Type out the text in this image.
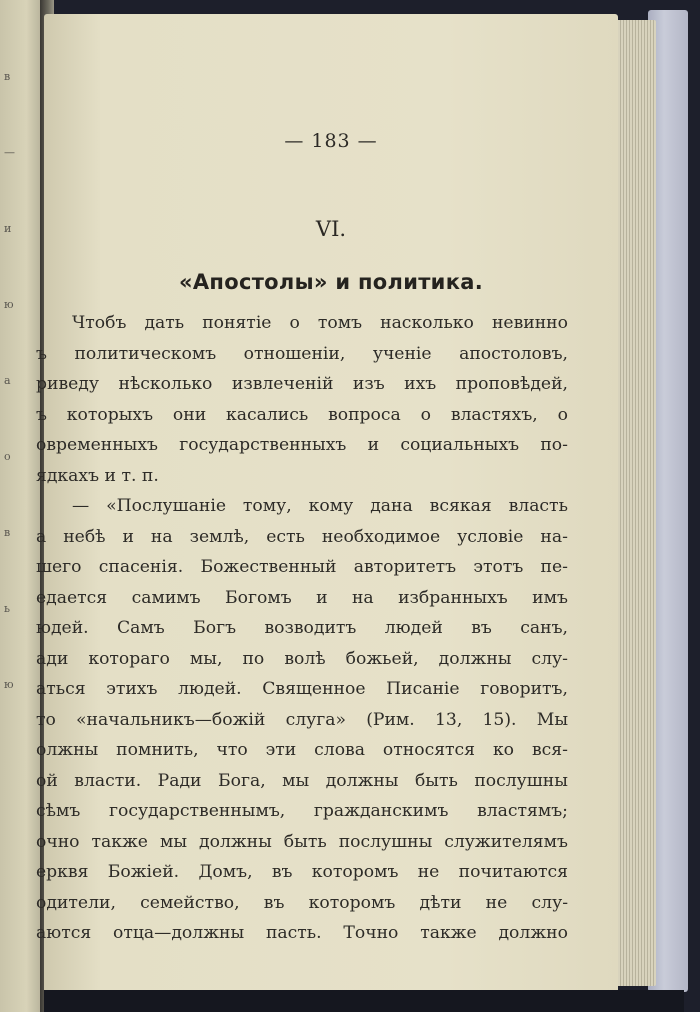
в
—
и
ю
а
о
в
ь
ю
— 183 —
VI.
«Апостолы» и политика.
Чтобъ дать понятіе о томъ насколько невинно
ъ политическомъ отношеніи, ученіе апостоловъ,
риведу нѣсколько извлеченій изъ ихъ проповѣдей,
ъ которыхъ они касались вопроса о властяхъ, о
овременныхъ государственныхъ и социальныхъ по-
ядкахъ и т. п.
— «Послушаніе тому, кому дана всякая власть
а небѣ и на землѣ, есть необходимое условіе на-
шего спасенія. Божественный авторитетъ этотъ пе-
едается самимъ Богомъ и на избранныхъ имъ
юдей. Самъ Богъ возводитъ людей въ санъ,
ади котораго мы, по волѣ божьей, должны слу-
аться этихъ людей. Священное Писаніе говоритъ,
то «начальникъ—божій слуга» (Рим. 13, 15). Мы
олжны помнить, что эти слова относятся ко вся-
ой власти. Ради Бога, мы должны быть послушны
сѣмъ государственнымъ, гражданскимъ властямъ;
очно также мы должны быть послушны служителямъ
ерквя Божіей. Домъ, въ которомъ не почитаются
одители, семейство, въ которомъ дѣти не слу-
аются отца—должны пасть. Точно также должно
